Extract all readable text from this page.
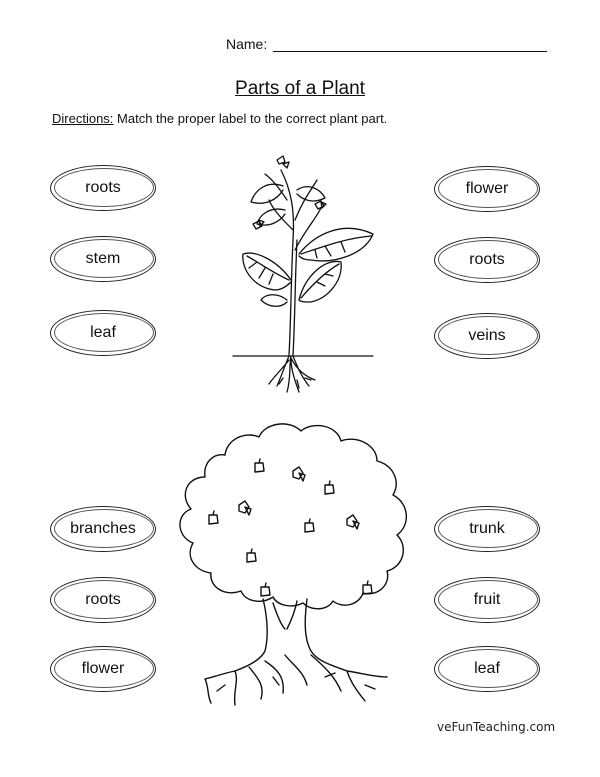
Name:
Parts of a Plant
Directions: Match the proper label to the correct plant part.
roots
stem
leaf
flower
roots
veins
branches
roots
flower
trunk
fruit
leaf
veFunTeaching.com
